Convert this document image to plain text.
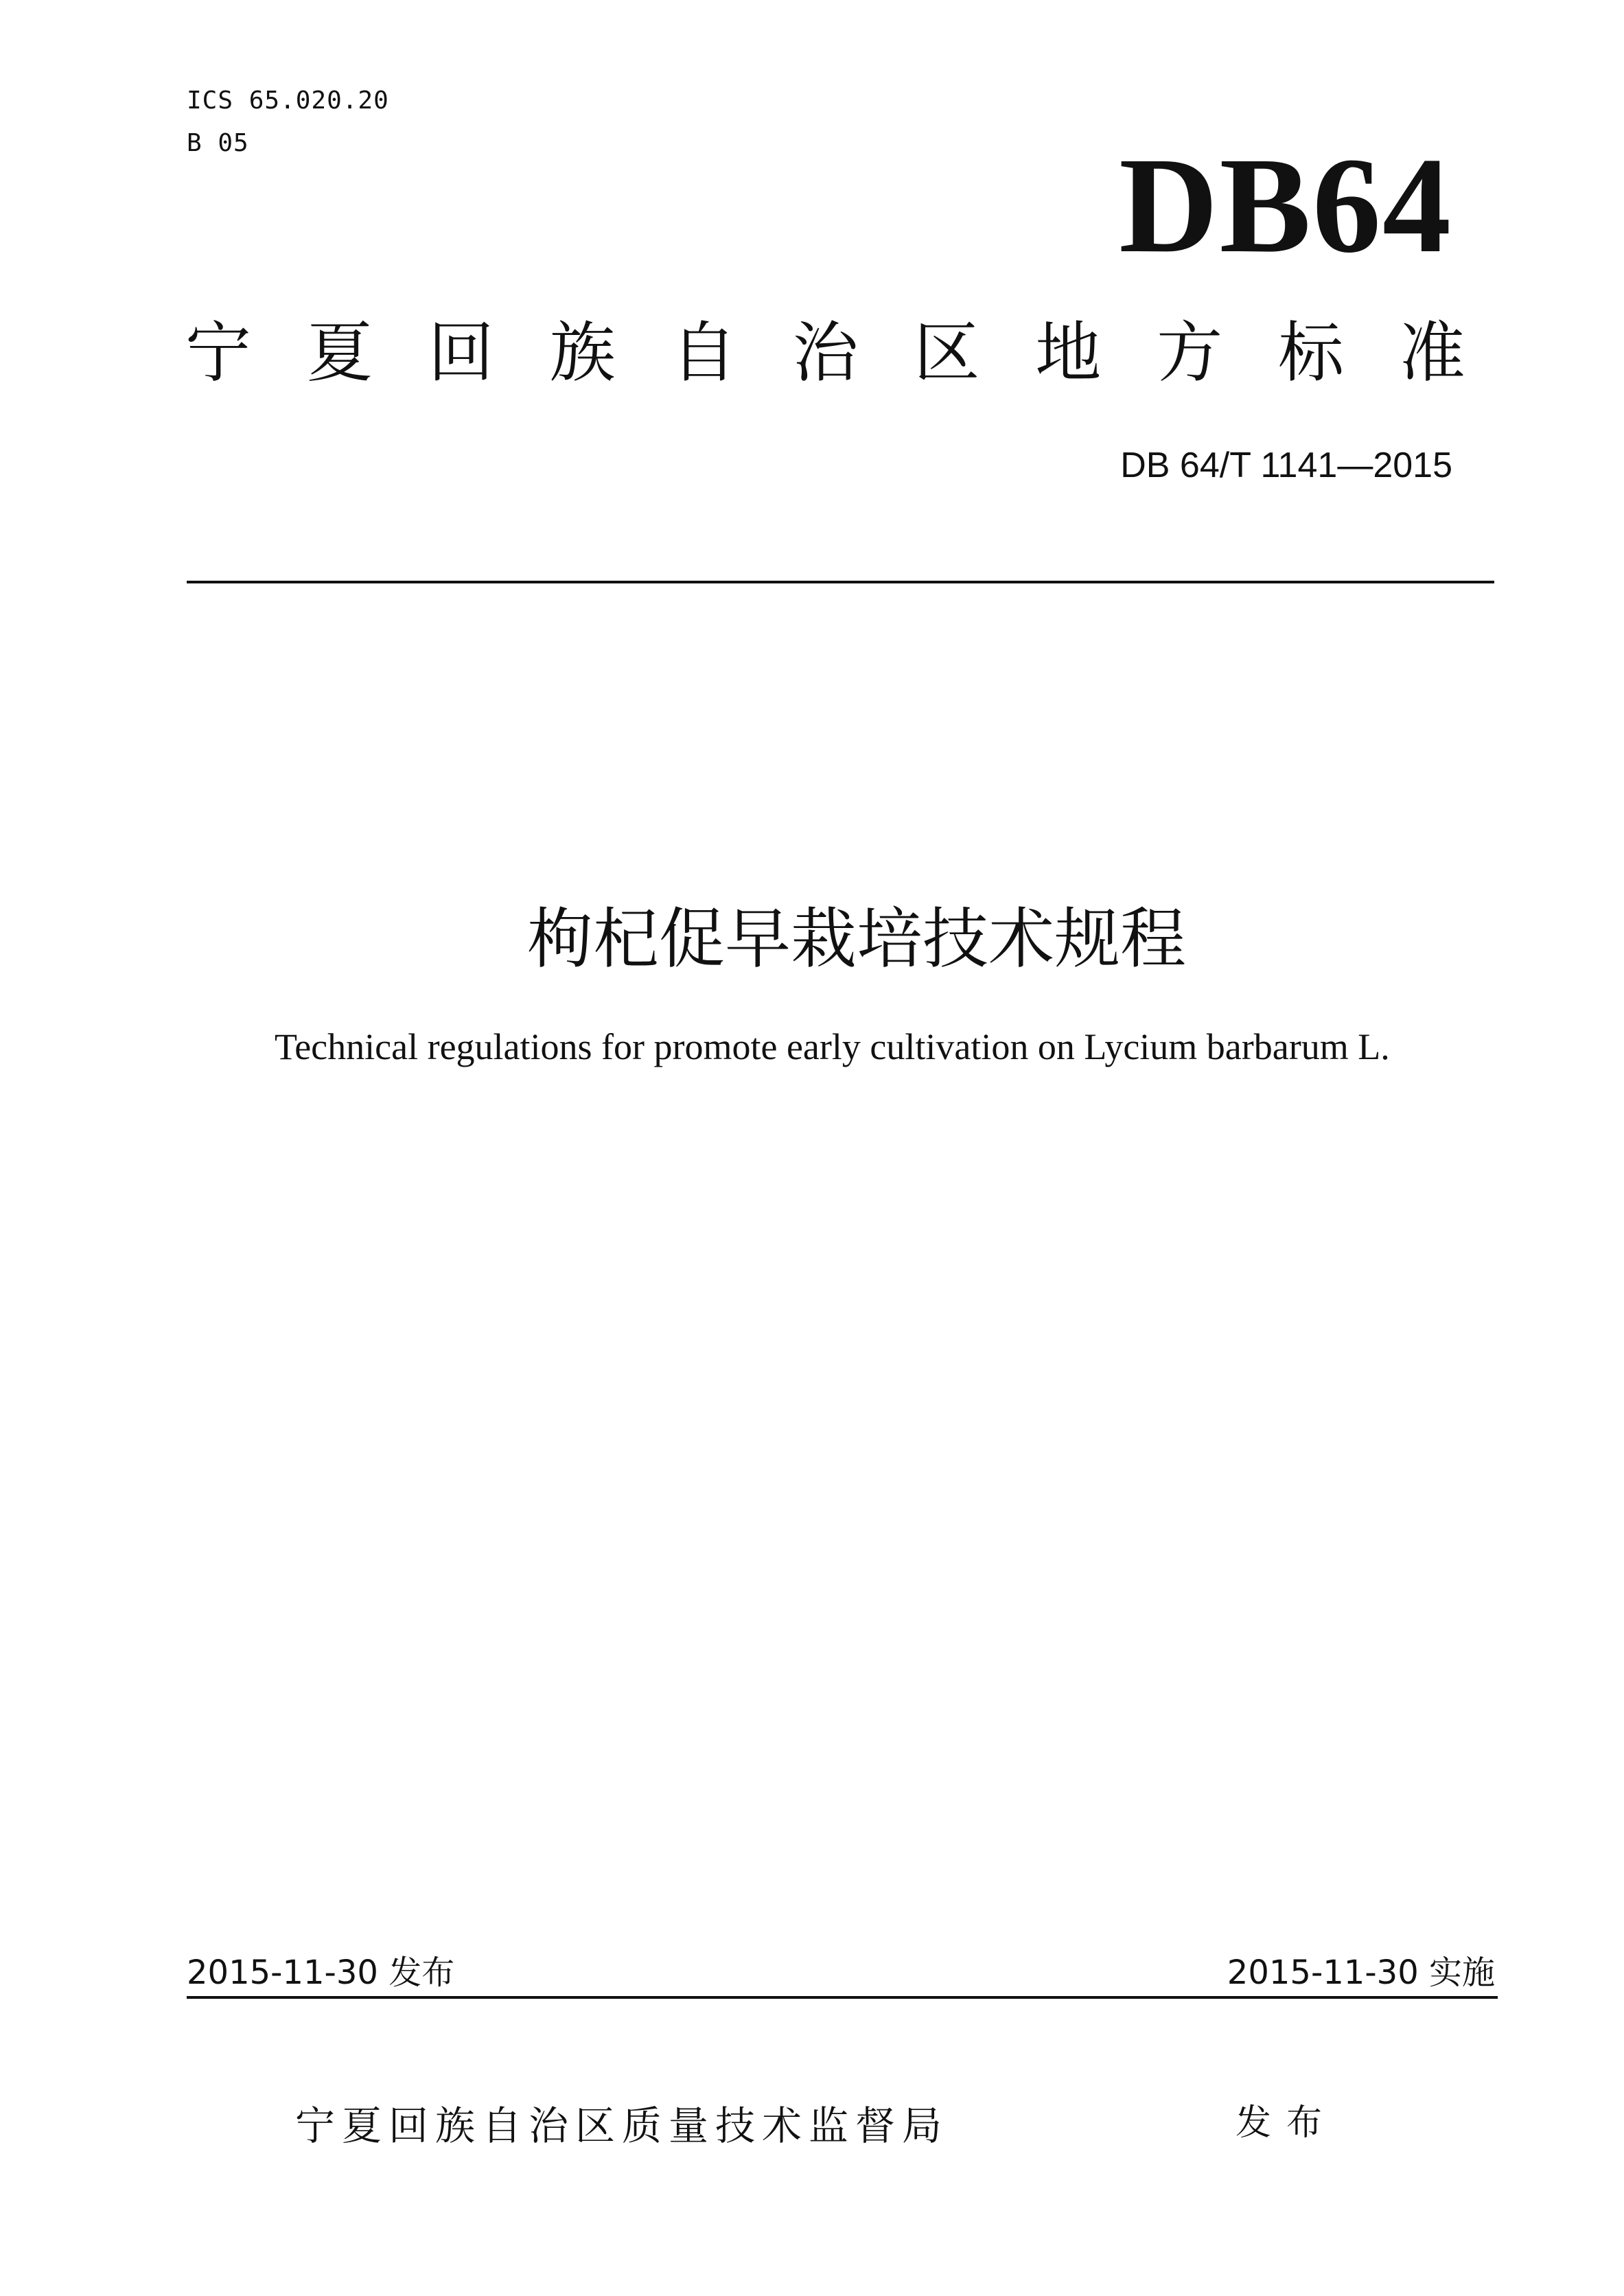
ICS 65.020.20
B 05	DB64
宁 夏 回 族 自 治 区 地 方 标 准
DB 64/T 1141—2015
枸杞促早栽培技术规程
Technical regulations for promote early cultivation on Lycium barbarum L.
2015-11-30 发布	2015-11-30 实施
宁夏回族自治区质量技术监督局	发布
